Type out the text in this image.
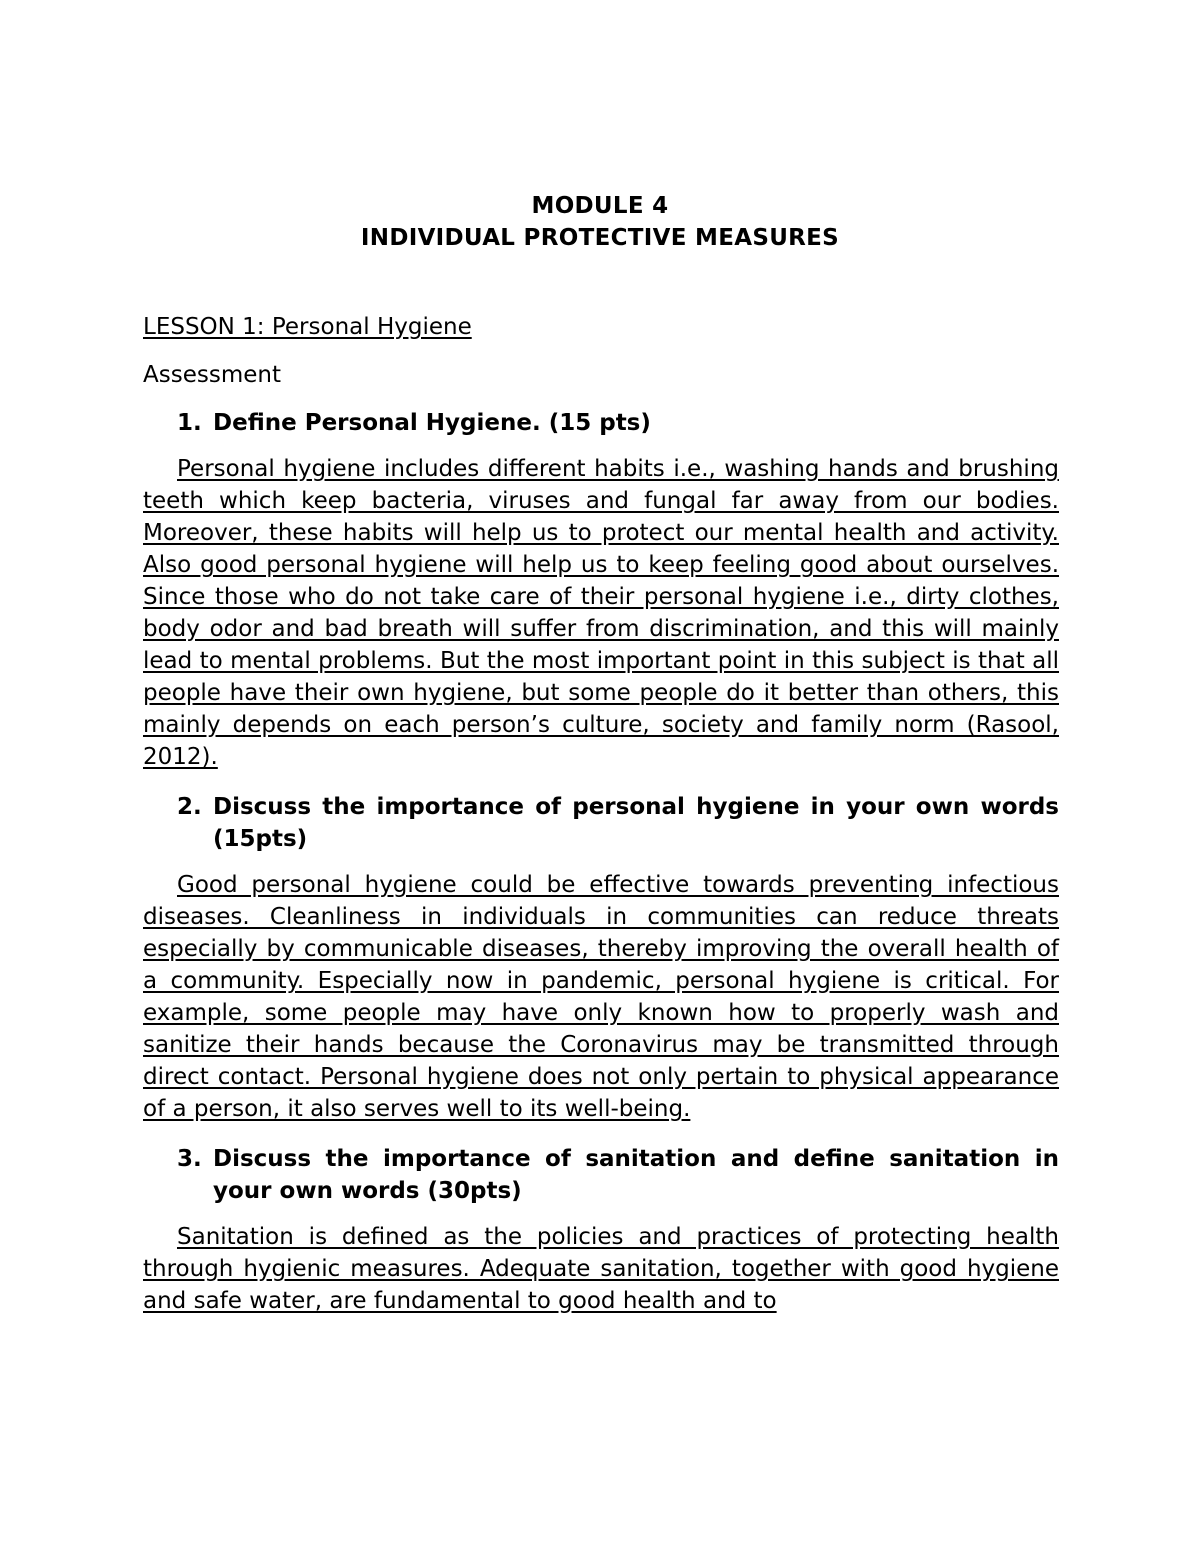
MODULE 4
INDIVIDUAL PROTECTIVE MEASURES
LESSON 1: Personal Hygiene
Assessment
1. Define Personal Hygiene. (15 pts)
Personal hygiene includes different habits i.e., washing hands and brushing teeth which keep bacteria, viruses and fungal far away from our bodies. Moreover, these habits will help us to protect our mental health and activity. Also good personal hygiene will help us to keep feeling good about ourselves. Since those who do not take care of their personal hygiene i.e., dirty clothes, body odor and bad breath will suffer from discrimination, and this will mainly lead to mental problems. But the most important point in this subject is that all people have their own hygiene, but some people do it better than others, this mainly depends on each person’s culture, society and family norm (Rasool, 2012).
2. Discuss the importance of personal hygiene in your own words (15pts)
Good personal hygiene could be effective towards preventing infectious diseases. Cleanliness in individuals in communities can reduce threats especially by communicable diseases, thereby improving the overall health of a community. Especially now in pandemic, personal hygiene is critical. For example, some people may have only known how to properly wash and sanitize their hands because the Coronavirus may be transmitted through direct contact. Personal hygiene does not only pertain to physical appearance of a person, it also serves well to its well-being.
3. Discuss the importance of sanitation and define sanitation in your own words (30pts)
Sanitation is defined as the policies and practices of protecting health through hygienic measures. Adequate sanitation, together with good hygiene and safe water, are fundamental to good health and to
